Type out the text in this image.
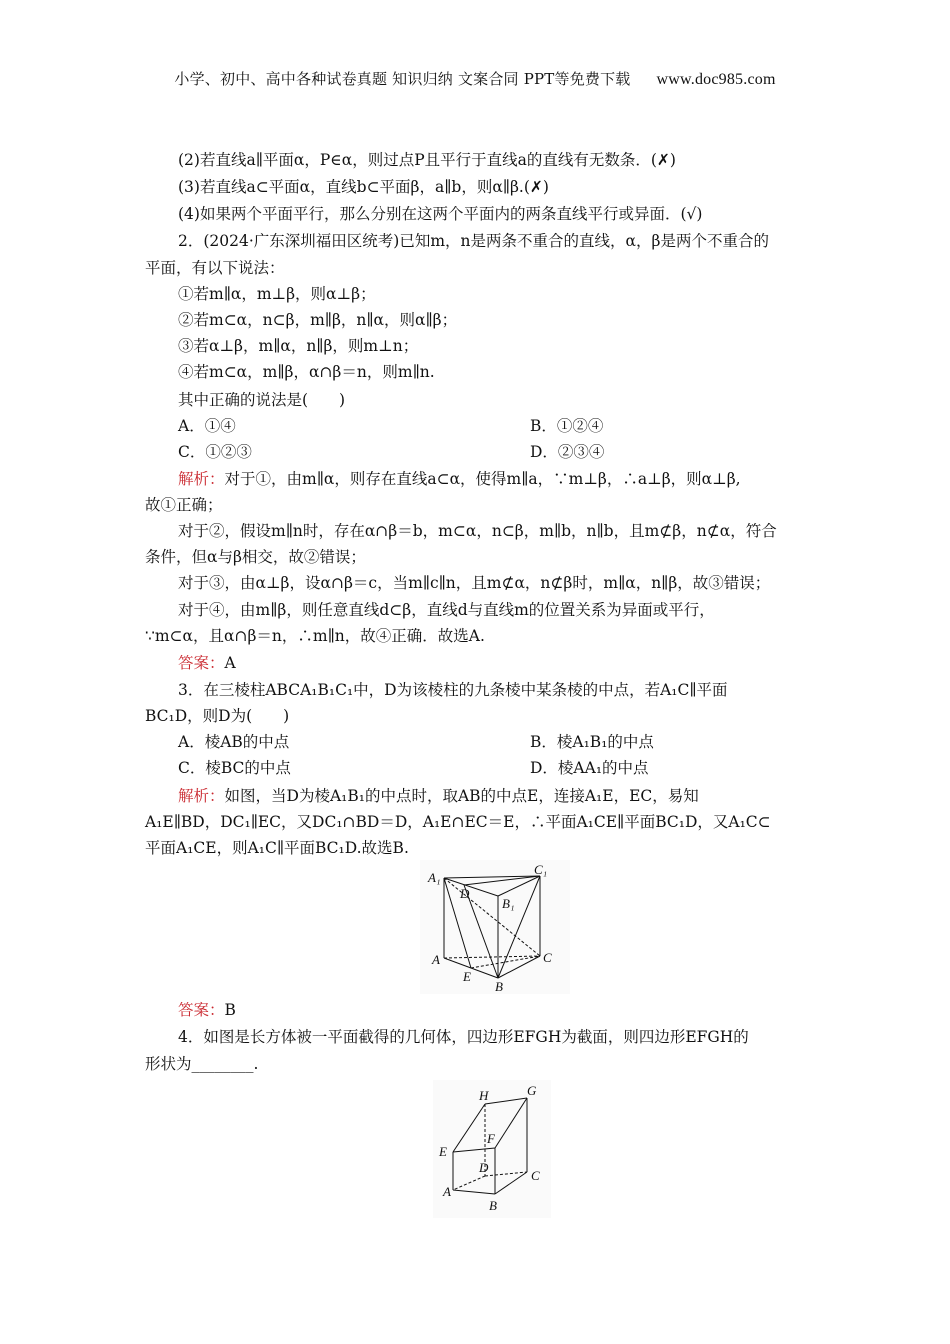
小学、初中、高中各种试卷真题 知识归纳 文案合同 PPT等免费下载 www.doc985.com
(2)若直线a∥平面α，P∈α，则过点P且平行于直线a的直线有无数条．(✗)
(3)若直线a⊂平面α，直线b⊂平面β，a∥b，则α∥β.(✗)
(4)如果两个平面平行，那么分别在这两个平面内的两条直线平行或异面．(√)
2．(2024·广东深圳福田区统考)已知m，n是两条不重合的直线，α，β是两个不重合的
平面，有以下说法：
①若m∥α，m⊥β，则α⊥β；
②若m⊂α，n⊂β，m∥β，n∥α，则α∥β；
③若α⊥β，m∥α，n∥β，则m⊥n；
④若m⊂α，m∥β，α∩β＝n，则m∥n.
其中正确的说法是(　　)
A．①④	B．①②④
C．①②③	D．②③④
解析：对于①，由m∥α，则存在直线a⊂α，使得m∥a，∵m⊥β，∴a⊥β，则α⊥β,
故①正确；
对于②，假设m∥n时，存在α∩β＝b，m⊂α，n⊂β，m∥b，n∥b，且m⊄β，n⊄α，符合
条件，但α与β相交，故②错误；
对于③，由α⊥β，设α∩β＝c，当m∥c∥n，且m⊄α，n⊄β时，m∥α，n∥β，故③错误；
对于④，由m∥β，则任意直线d⊂β，直线d与直线m的位置关系为异面或平行，
∵m⊂α，且α∩β＝n，∴m∥n，故④正确．故选A.
答案：A
3．在三棱柱ABCA₁B₁C₁中，D为该棱柱的九条棱中某条棱的中点，若A₁C∥平面
BC₁D，则D为(　　)
A．棱AB的中点	B．棱A₁B₁的中点
C．棱BC的中点	D．棱AA₁的中点
解析：如图，当D为棱A₁B₁的中点时，取AB的中点E，连接A₁E，EC，易知
A₁E∥BD，DC₁∥EC，又DC₁∩BD＝D，A₁E∩EC＝E，∴平面A₁CE∥平面BC₁D，又A₁C⊂
平面A₁CE，则A₁C∥平面BC₁D.故选B.
A₁
C₁
D
B₁
A	C
E
B
答案：B
4．如图是长方体被一平面截得的几何体，四边形EFGH为截面，则四边形EFGH的
形状为________.
H	G
F
E
D
C
A
B
